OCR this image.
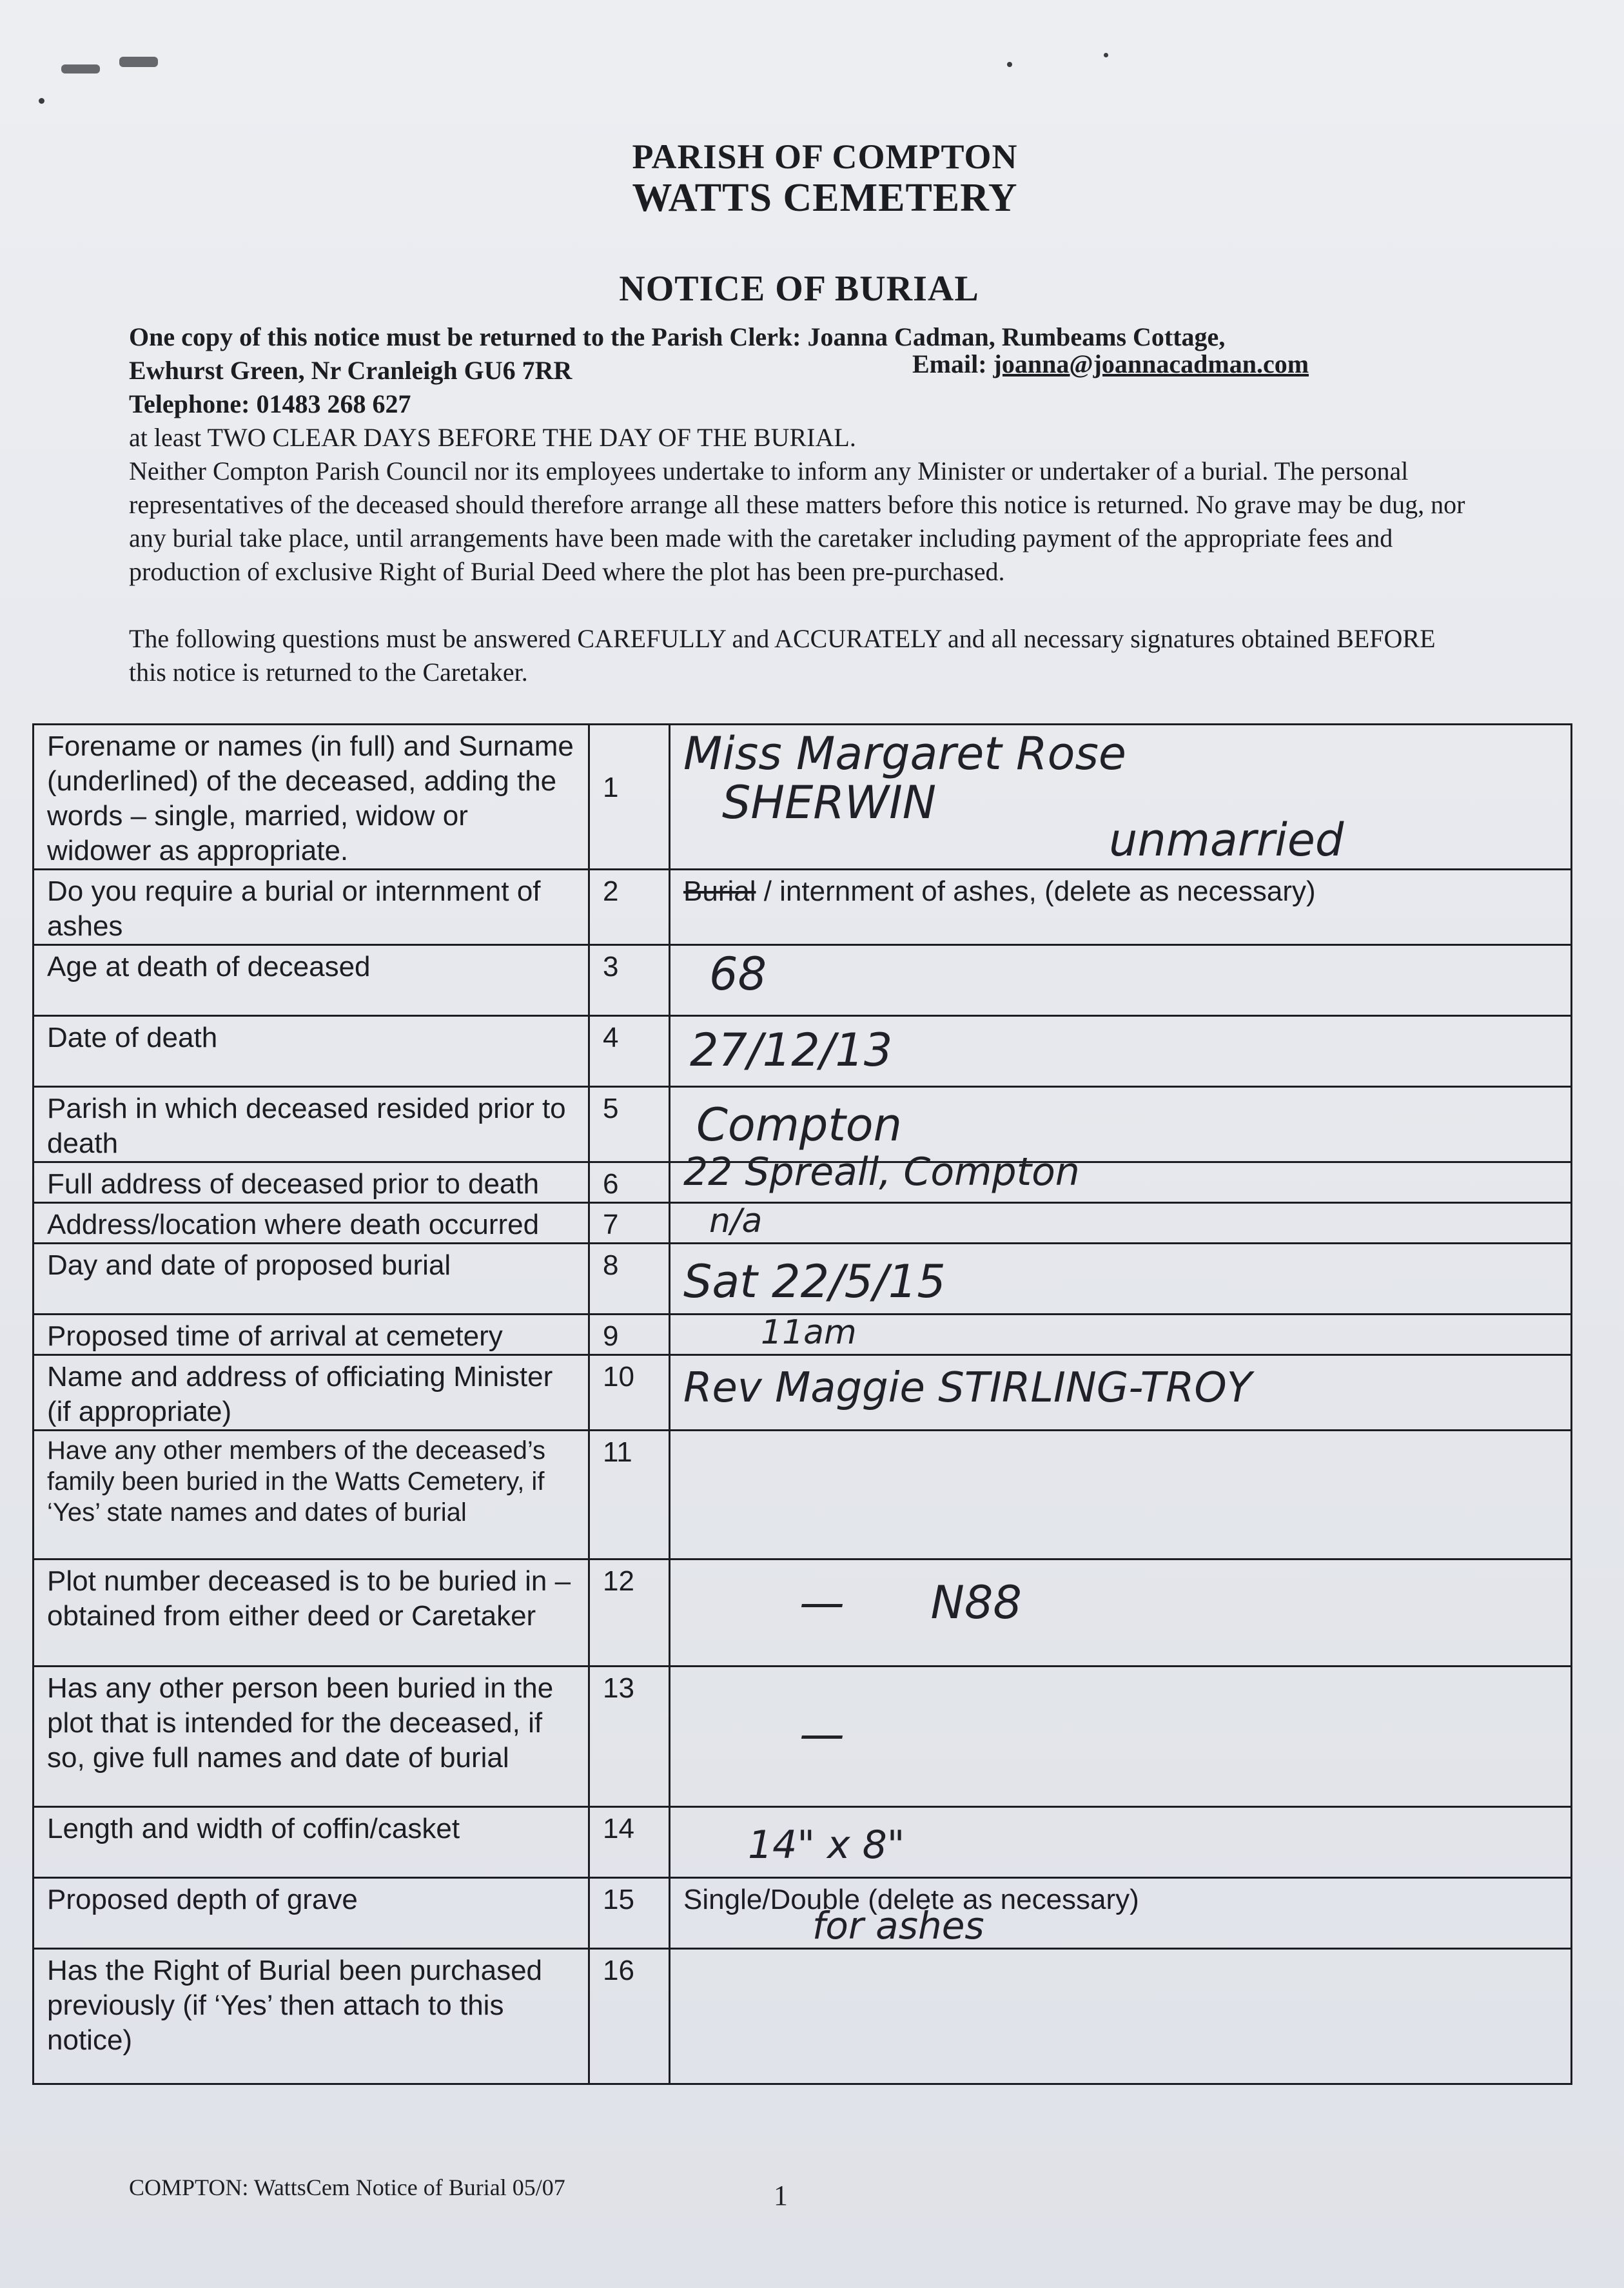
PARISH OF COMPTON
WATTS CEMETERY
NOTICE OF BURIAL
One copy of this notice must be returned to the Parish Clerk: Joanna Cadman, Rumbeams Cottage,
Ewhurst Green, Nr Cranleigh GU6 7RR	Email: joanna@joannacadman.com
Telephone: 01483 268 627
at least TWO CLEAR DAYS BEFORE THE DAY OF THE BURIAL.
Neither Compton Parish Council nor its employees undertake to inform any Minister or undertaker of a burial. The personal representatives of the deceased should therefore arrange all these matters before this notice is returned. No grave may be dug, nor any burial take place, until arrangements have been made with the caretaker including payment of the appropriate fees and production of exclusive Right of Burial Deed where the plot has been pre-purchased.
The following questions must be answered CAREFULLY and ACCURATELY and all necessary signatures obtained BEFORE this notice is returned to the Caretaker.
Forename or names (in full) and Surname (underlined) of the deceased, adding the words – single, married, widow or widower as appropriate.	1	Miss Margaret Rose
SHERWIN
unmarried

Do you require a burial or internment of ashes	2	Burial / internment of ashes, (delete as necessary)
Age at death of deceased	3	68

Date of death	4	27/12/13

Parish in which deceased resided prior to death	5	Compton

Full address of deceased prior to death	6	22 Spreall, Compton

Address/location where death occurred	7	n/a

Day and date of proposed burial	8	Sat 22/5/15

Proposed time of arrival at cemetery	9	11am

Name and address of officiating Minister (if appropriate)	10	Rev Maggie STIRLING-TROY

Have any other members of the deceased’s family been buried in the Watts Cemetery, if ‘Yes’ state names and dates of burial	11	
Plot number deceased is to be buried in – obtained from either deed or Caretaker	12	—      N88

Has any other person been buried in the plot that is intended for the deceased, if so, give full names and date of burial	13	—

Length and width of coffin/casket	14	14" x 8"

Proposed depth of grave	15	Single/Double (delete as necessary)
for ashes

Has the Right of Burial been purchased previously (if ‘Yes’ then attach to this notice)	16	
COMPTON: WattsCem Notice of Burial 05/07	1
